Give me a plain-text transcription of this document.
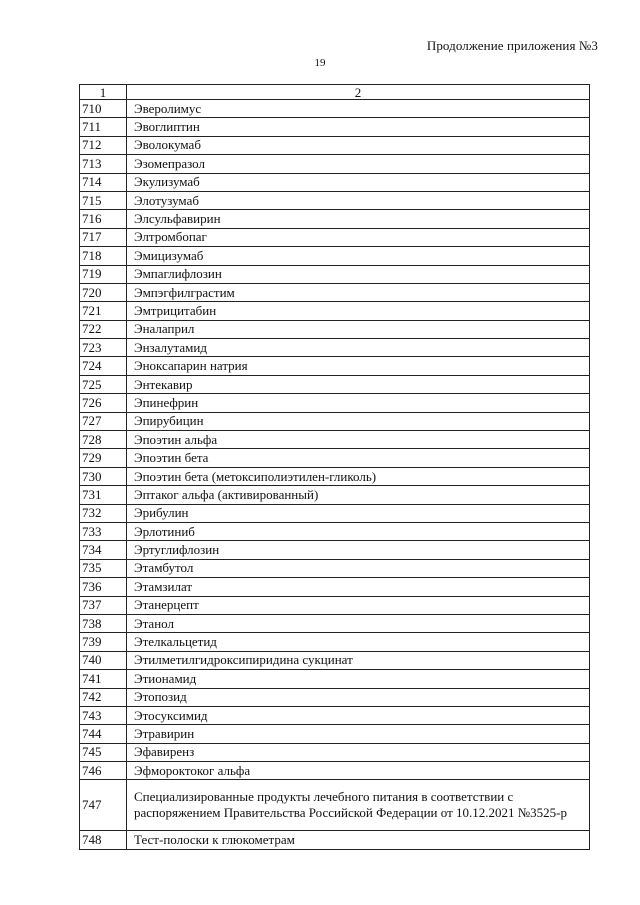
Продолжение приложения №3
19
1	2
710	Эверолимус
711	Эвоглиптин
712	Эволокумаб
713	Эзомепразол
714	Экулизумаб
715	Элотузумаб
716	Элсульфавирин
717	Элтромбопаг
718	Эмицизумаб
719	Эмпаглифлозин
720	Эмпэгфилграстим
721	Эмтрицитабин
722	Эналаприл
723	Энзалутамид
724	Эноксапарин натрия
725	Энтекавир
726	Эпинефрин
727	Эпирубицин
728	Эпоэтин альфа
729	Эпоэтин бета
730	Эпоэтин бета (метоксиполиэтилен-гликоль)
731	Эптаког альфа (активированный)
732	Эрибулин
733	Эрлотиниб
734	Эртуглифлозин
735	Этамбутол
736	Этамзилат
737	Этанерцепт
738	Этанол
739	Этелкальцетид
740	Этилметилгидроксипиридина сукцинат
741	Этионамид
742	Этопозид
743	Этосуксимид
744	Этравирин
745	Эфавиренз
746	Эфмороктоког альфа
747	Специализированные продукты лечебного питания в соответствии с распоряжением Правительства Российской Федерации от 10.12.2021 №3525-р
748	Тест-полоски к глюкометрам
